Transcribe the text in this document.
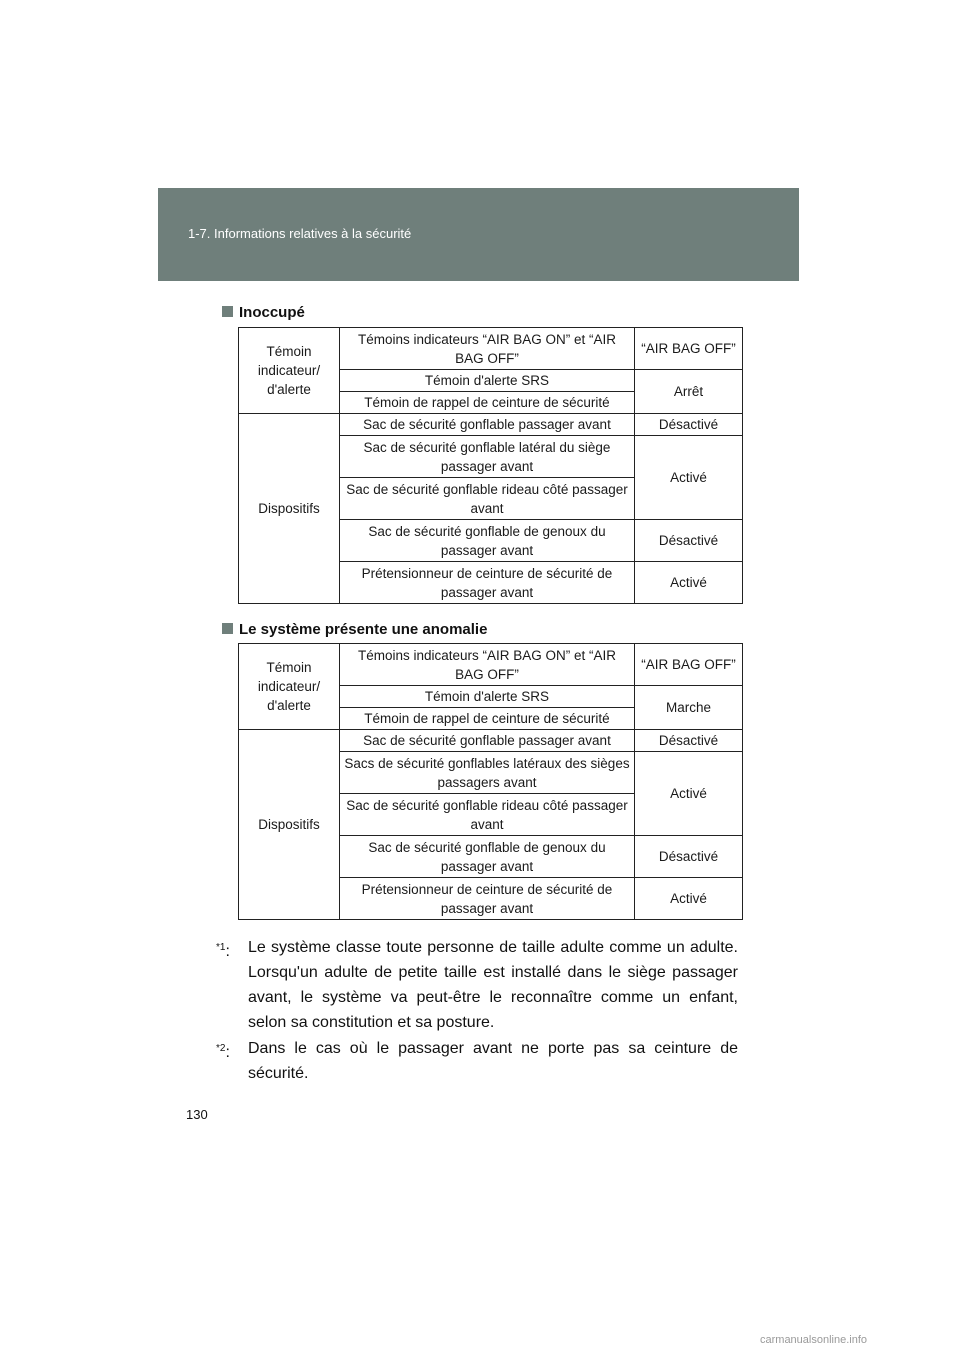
1-7. Informations relatives à la sécurité
Inoccupé
Témoin indicateur/ d'alerte	Témoins indicateurs “AIR BAG ON” et “AIR BAG OFF”	“AIR BAG OFF”
	Témoin d'alerte SRS	Arrêt
	Témoin de rappel de ceinture de sécurité	
Dispositifs	Sac de sécurité gonflable passager avant	Désactivé
	Sac de sécurité gonflable latéral du siège passager avant	Activé
	Sac de sécurité gonflable rideau côté passager avant	
	Sac de sécurité gonflable de genoux du passager avant	Désactivé
	Prétensionneur de ceinture de sécurité de passager avant	Activé
Le système présente une anomalie
Témoin indicateur/ d'alerte	Témoins indicateurs “AIR BAG ON” et “AIR BAG OFF”	“AIR BAG OFF”
	Témoin d'alerte SRS	Marche
	Témoin de rappel de ceinture de sécurité	
Dispositifs	Sac de sécurité gonflable passager avant	Désactivé
	Sacs de sécurité gonflables latéraux des sièges passagers avant	Activé
	Sac de sécurité gonflable rideau côté passager avant	
	Sac de sécurité gonflable de genoux du passager avant	Désactivé
	Prétensionneur de ceinture de sécurité de passager avant	Activé
$^{*1}$: Le système classe toute personne de taille adulte comme un adulte. Lorsqu'un adulte de petite taille est installé dans le siège passager avant, le système va peut-être le reconnaître comme un enfant, selon sa constitution et sa posture.
$^{*2}$: Dans le cas où le passager avant ne porte pas sa ceinture de sécurité.
130
carmanualsonline.info
